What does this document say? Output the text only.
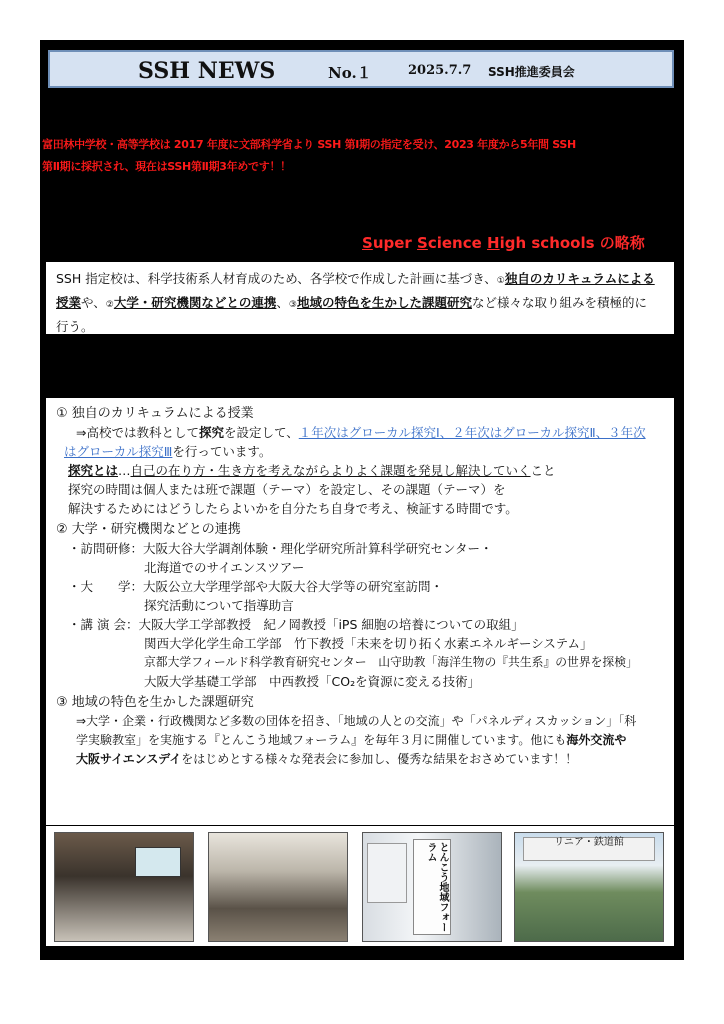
SSH NEWS	No.１	2025.7.7 SSH推進委員会
富田林中学校・高等学校は 2017 年度に文部科学省より SSH 第Ⅰ期の指定を受け、2023 年度から5年間 SSH
第Ⅱ期に採択され、現在はSSH第Ⅱ期3年めです！！
Super Science High schools の略称
SSH 指定校は、科学技術系人材育成のため、各学校で作成した計画に基づき、①独自のカリキュラムによる
授業や、②大学・研究機関などとの連携、③地域の特色を生かした課題研究など様々な取り組みを積極的に
行う。
① 独自のカリキュラムによる授業
⇒高校では教科として探究を設定して、１年次はグローカル探究Ⅰ、２年次はグローカル探究Ⅱ、３年次
はグローカル探究Ⅲを行っています。
探究とは…自己の在り方・生き方を考えながらよりよく課題を発見し解決していくこと
探究の時間は個人または班で課題（テーマ）を設定し、その課題（テーマ）を
解決するためにはどうしたらよいかを自分たち自身で考え、検証する時間です。
② 大学・研究機関などとの連携
・訪問研修：大阪大谷大学調剤体験・理化学研究所計算科学研究センター・
北海道でのサイエンスツアー
・大　　学：大阪公立大学理学部や大阪大谷大学等の研究室訪問・
探究活動について指導助言
・講 演 会：大阪大学工学部教授　紀ノ岡教授「iPS 細胞の培養についての取組」
関西大学化学生命工学部　竹下教授「未来を切り拓く水素エネルギーシステム」
京都大学フィールド科学教育研究センター　山守助教「海洋生物の『共生系』の世界を探検」
大阪大学基礎工学部　中西教授「CO₂を資源に変える技術」
③ 地域の特色を生かした課題研究
⇒大学・企業・行政機関など多数の団体を招き、「地域の人との交流」や「パネルディスカッション」「科
学実験教室」を実施する『とんこう地域フォーラム』を毎年３月に開催しています。他にも海外交流や
大阪サイエンスデイをはじめとする様々な発表会に参加し、優秀な結果をおさめています！！
とんこう地域フォーラム	リニア・鉄道館
